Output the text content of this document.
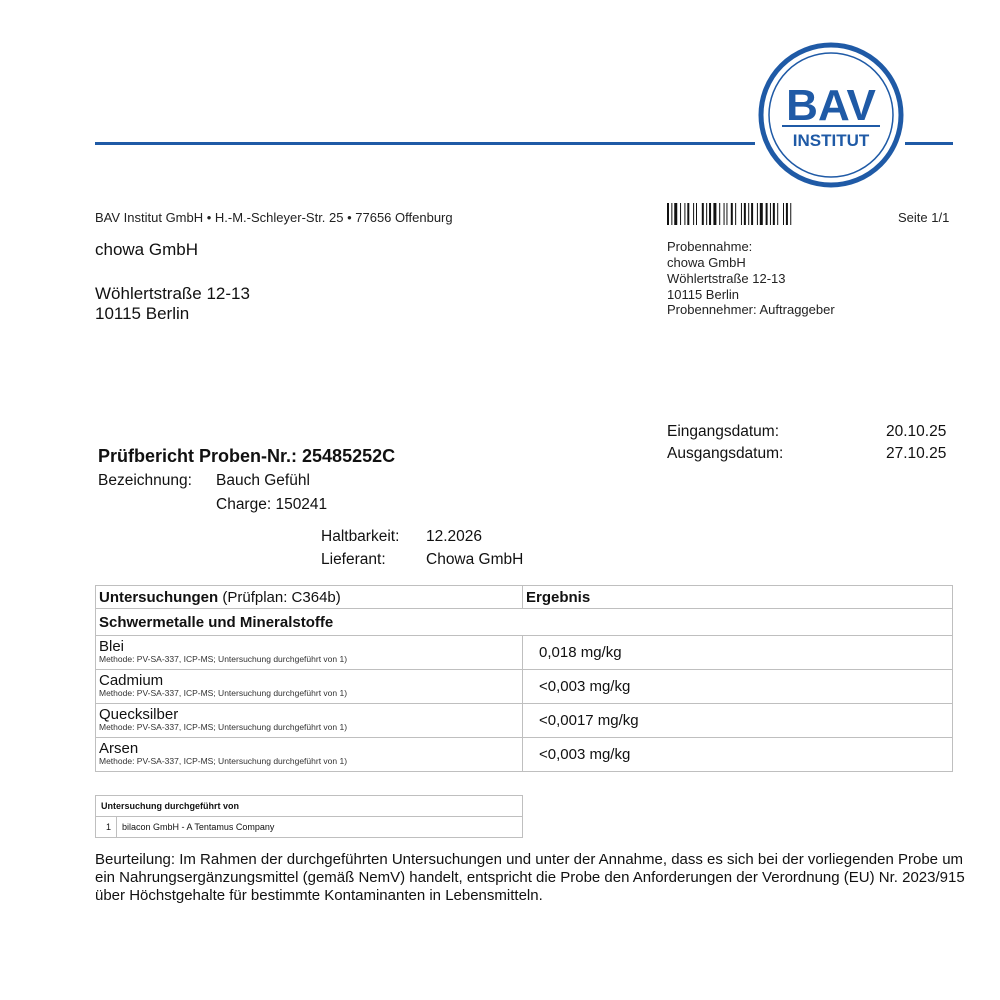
BAV
INSTITUT
BAV Institut GmbH • H.-M.-Schleyer-Str. 25 • 77656 Offenburg	Seite 1/1
chowa GmbH
Wöhlertstraße 12-13
10115 Berlin
Probennahme:
chowa GmbH
Wöhlertstraße 12-13
10115 Berlin
Probennehmer: Auftraggeber
Eingangsdatum:	20.10.25
Ausgangsdatum:	27.10.25
Prüfbericht Proben-Nr.: 25485252C
Bezeichnung: Bauch Gefühl
Charge: 150241
Haltbarkeit: 12.2026
Lieferant:	Chowa GmbH
Untersuchungen (Prüfplan: C364b)	Ergebnis
Schwermetalle und Mineralstoffe	

Blei
Methode: PV-SA-337, ICP-MS; Untersuchung durchgeführt von 1)	0,018 mg/kg

Cadmium
Methode: PV-SA-337, ICP-MS; Untersuchung durchgeführt von 1)	<0,003 mg/kg

Quecksilber
Methode: PV-SA-337, ICP-MS; Untersuchung durchgeführt von 1)	<0,0017 mg/kg

Arsen
Methode: PV-SA-337, ICP-MS; Untersuchung durchgeführt von 1)	<0,003 mg/kg
Untersuchung durchgeführt von
1	bilacon GmbH - A Tentamus Company
Beurteilung: Im Rahmen der durchgeführten Untersuchungen und unter der Annahme, dass es sich bei der vorliegenden Probe um ein Nahrungsergänzungsmittel (gemäß NemV) handelt, entspricht die Probe den Anforderungen der Verordnung (EU) Nr. 2023/915 über Höchstgehalte für bestimmte Kontaminanten in Lebensmitteln.
